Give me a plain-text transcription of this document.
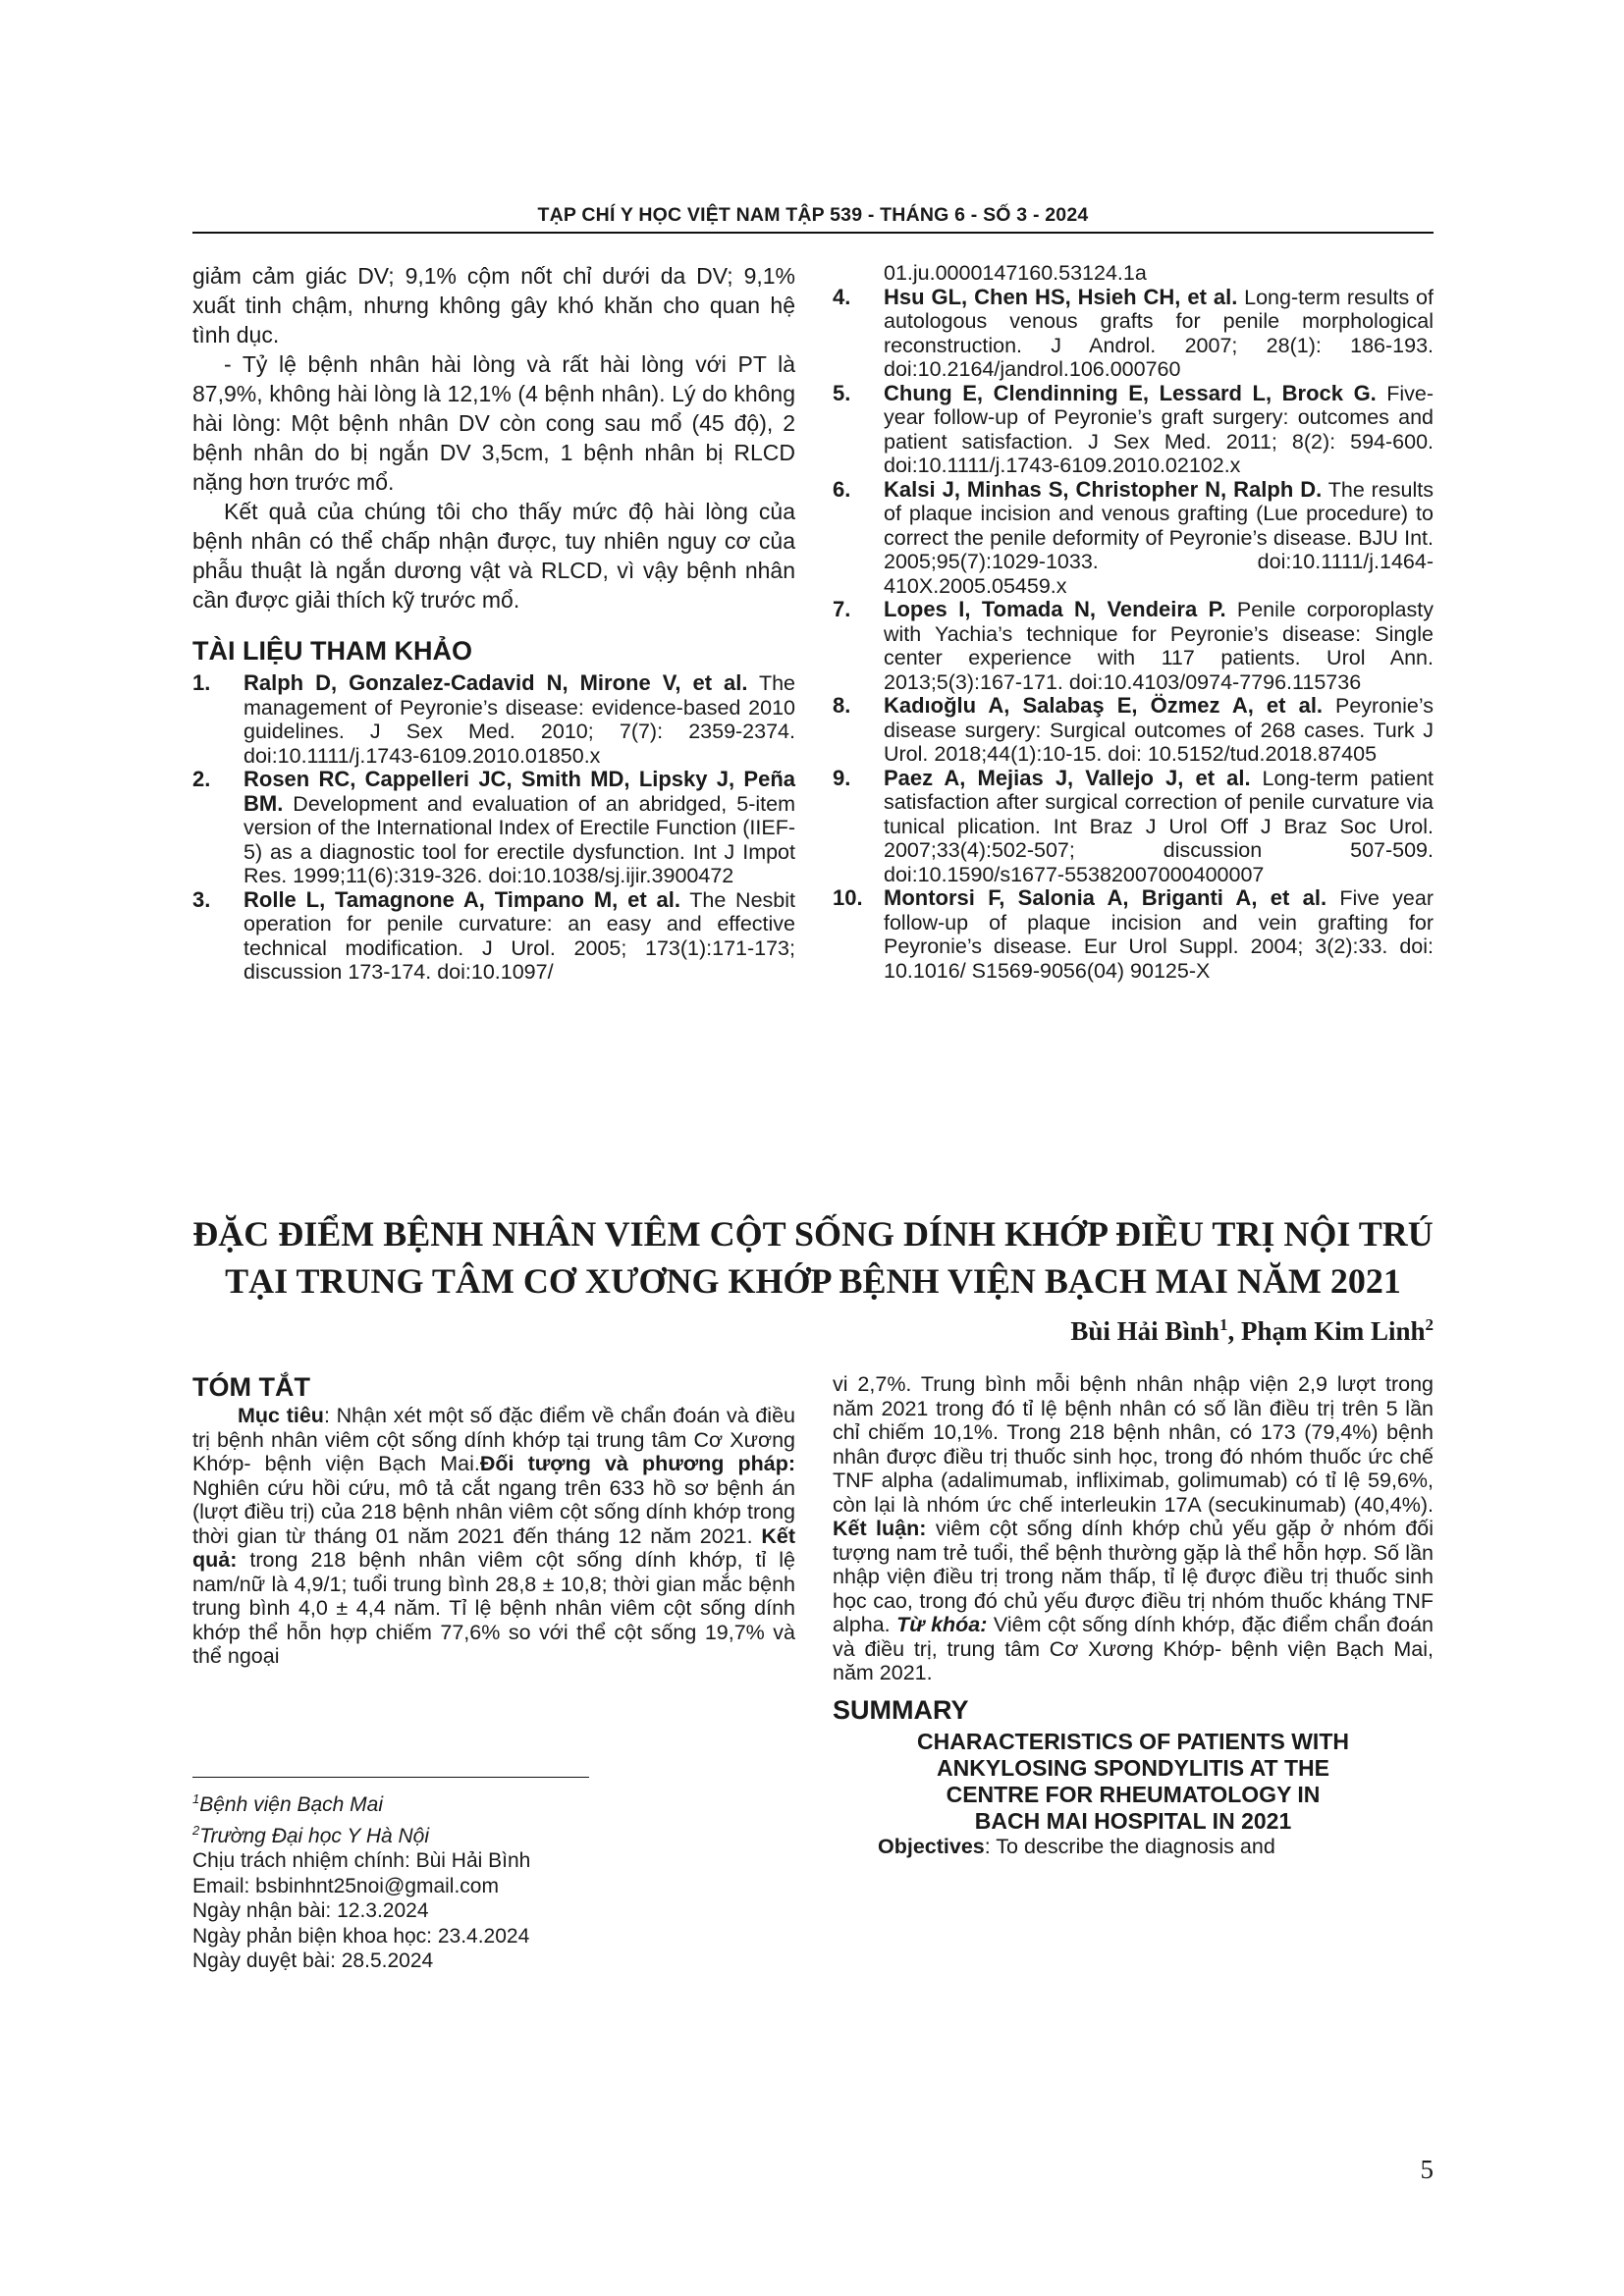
TẠP CHÍ Y HỌC VIỆT NAM TẬP 539 - THÁNG 6 - SỐ 3 - 2024

giảm cảm giác DV; 9,1% cộm nốt chỉ dưới da DV; 9,1% xuất tinh chậm, nhưng không gây khó khăn cho quan hệ tình dục.

- Tỷ lệ bệnh nhân hài lòng và rất hài lòng với PT là 87,9%, không hài lòng là 12,1% (4 bệnh nhân). Lý do không hài lòng: Một bệnh nhân DV còn cong sau mổ (45 độ), 2 bệnh nhân do bị ngắn DV 3,5cm, 1 bệnh nhân bị RLCD nặng hơn trước mổ.

Kết quả của chúng tôi cho thấy mức độ hài lòng của bệnh nhân có thể chấp nhận được, tuy nhiên nguy cơ của phẫu thuật là ngắn dương vật và RLCD, vì vậy bệnh nhân cần được giải thích kỹ trước mổ.

TÀI LIỆU THAM KHẢO

1. Ralph D, Gonzalez-Cadavid N, Mirone V, et al. The management of Peyronie’s disease: evidence-based 2010 guidelines. J Sex Med. 2010; 7(7): 2359-2374. doi:10.1111/j.1743-6109.2010.01850.x

2. Rosen RC, Cappelleri JC, Smith MD, Lipsky J, Peña BM. Development and evaluation of an abridged, 5-item version of the International Index of Erectile Function (IIEF-5) as a diagnostic tool for erectile dysfunction. Int J Impot Res. 1999;11(6):319-326. doi:10.1038/sj.ijir.3900472

3. Rolle L, Tamagnone A, Timpano M, et al. The Nesbit operation for penile curvature: an easy and effective technical modification. J Urol. 2005; 173(1):171-173; discussion 173-174. doi:10.1097/

01.ju.0000147160.53124.1a

4. Hsu GL, Chen HS, Hsieh CH, et al. Long-term results of autologous venous grafts for penile morphological reconstruction. J Androl. 2007; 28(1): 186-193. doi:10.2164/jandrol.106.000760

5. Chung E, Clendinning E, Lessard L, Brock G. Five-year follow-up of Peyronie’s graft surgery: outcomes and patient satisfaction. J Sex Med. 2011; 8(2): 594-600. doi:10.1111/j.1743-6109.2010.02102.x

6. Kalsi J, Minhas S, Christopher N, Ralph D. The results of plaque incision and venous grafting (Lue procedure) to correct the penile deformity of Peyronie’s disease. BJU Int. 2005;95(7):1029-1033. doi:10.1111/j.1464-410X.2005.05459.x

7. Lopes I, Tomada N, Vendeira P. Penile corporoplasty with Yachia’s technique for Peyronie’s disease: Single center experience with 117 patients. Urol Ann. 2013;5(3):167-171. doi:10.4103/0974-7796.115736

8. Kadıoğlu A, Salabaş E, Özmez A, et al. Peyronie’s disease surgery: Surgical outcomes of 268 cases. Turk J Urol. 2018;44(1):10-15. doi: 10.5152/tud.2018.87405

9. Paez A, Mejias J, Vallejo J, et al. Long-term patient satisfaction after surgical correction of penile curvature via tunical plication. Int Braz J Urol Off J Braz Soc Urol. 2007;33(4):502-507; discussion 507-509. doi:10.1590/s1677-55382007000400007

10. Montorsi F, Salonia A, Briganti A, et al. Five year follow-up of plaque incision and vein grafting for Peyronie’s disease. Eur Urol Suppl. 2004; 3(2):33. doi: 10.1016/ S1569-9056(04) 90125-X

ĐẶC ĐIỂM BỆNH NHÂN VIÊM CỘT SỐNG DÍNH KHỚP ĐIỀU TRỊ NỘI TRÚ
TẠI TRUNG TÂM CƠ XƯƠNG KHỚP BỆNH VIỆN BẠCH MAI NĂM 2021
Bùi Hải Bình$^1$, Phạm Kim Linh$^2$
TÓM TẮT

Mục tiêu: Nhận xét một số đặc điểm về chẩn đoán và điều trị bệnh nhân viêm cột sống dính khớp tại trung tâm Cơ Xương Khớp- bệnh viện Bạch Mai.Đối tượng và phương pháp: Nghiên cứu hồi cứu, mô tả cắt ngang trên 633 hồ sơ bệnh án (lượt điều trị) của 218 bệnh nhân viêm cột sống dính khớp trong thời gian từ tháng 01 năm 2021 đến tháng 12 năm 2021. Kết quả: trong 218 bệnh nhân viêm cột sống dính khớp, tỉ lệ nam/nữ là 4,9/1; tuổi trung bình 28,8 ± 10,8; thời gian mắc bệnh trung bình 4,0 ± 4,4 năm. Tỉ lệ bệnh nhân viêm cột sống dính khớp thể hỗn hợp chiếm 77,6% so với thể cột sống 19,7% và thể ngoại

$^1$Bệnh viện Bạch Mai

$^2$Trường Đại học Y Hà Nội

Chịu trách nhiệm chính: Bùi Hải Bình

Email: bsbinhnt25noi@gmail.com

Ngày nhận bài: 12.3.2024

Ngày phản biện khoa học: 23.4.2024

Ngày duyệt bài: 28.5.2024

vi 2,7%. Trung bình mỗi bệnh nhân nhập viện 2,9 lượt trong năm 2021 trong đó tỉ lệ bệnh nhân có số lần điều trị trên 5 lần chỉ chiếm 10,1%. Trong 218 bệnh nhân, có 173 (79,4%) bệnh nhân được điều trị thuốc sinh học, trong đó nhóm thuốc ức chế TNF alpha (adalimumab, infliximab, golimumab) có tỉ lệ 59,6%, còn lại là nhóm ức chế interleukin 17A (secukinumab) (40,4%). Kết luận: viêm cột sống dính khớp chủ yếu gặp ở nhóm đối tượng nam trẻ tuổi, thể bệnh thường gặp là thể hỗn hợp. Số lần nhập viện điều trị trong năm thấp, tỉ lệ được điều trị thuốc sinh học cao, trong đó chủ yếu được điều trị nhóm thuốc kháng TNF alpha. Từ khóa: Viêm cột sống dính khớp, đặc điểm chẩn đoán và điều trị, trung tâm Cơ Xương Khớp- bệnh viện Bạch Mai, năm 2021.

SUMMARY

CHARACTERISTICS OF PATIENTS WITH

ANKYLOSING SPONDYLITIS AT THE

CENTRE FOR RHEUMATOLOGY IN

BACH MAI HOSPITAL IN 2021

Objectives: To describe the diagnosis and

5
